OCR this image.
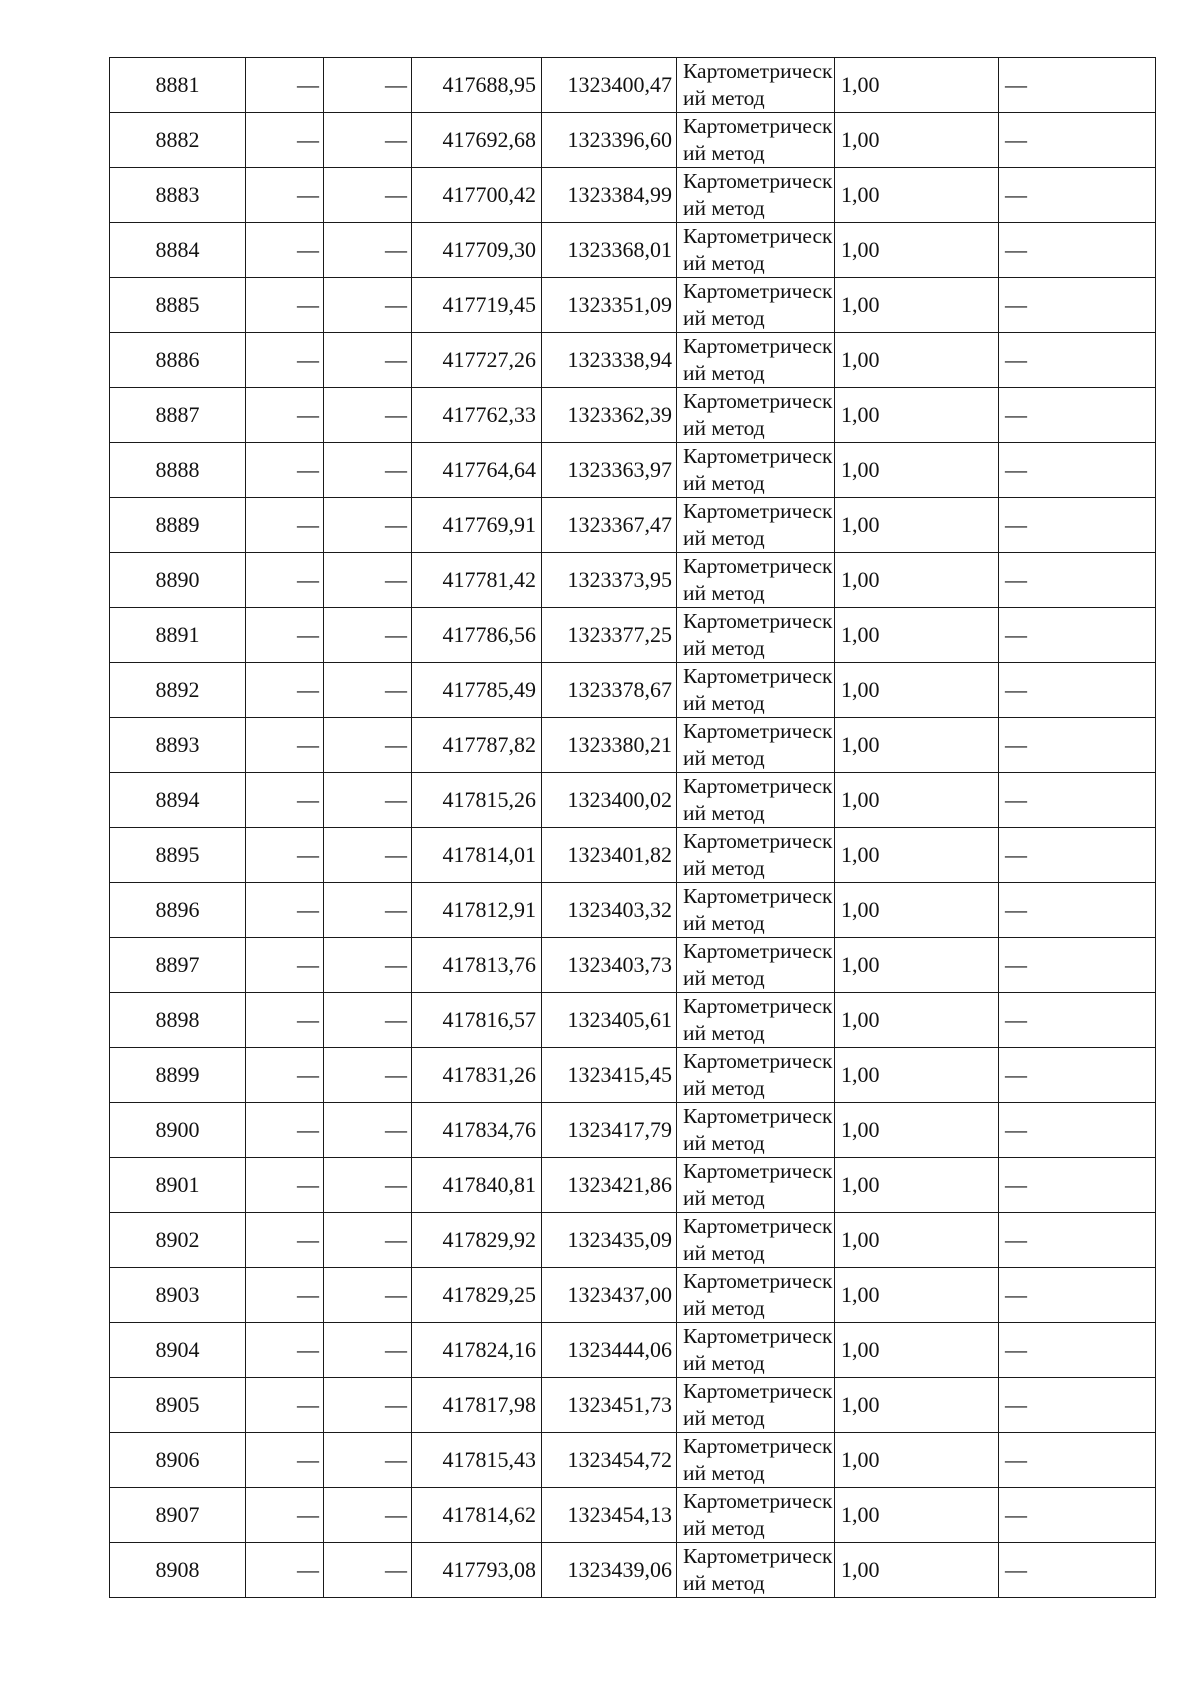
8881	—	—	417688,95	1323400,47	Картометрический метод	1,00	—
8882	—	—	417692,68	1323396,60	Картометрический метод	1,00	—
8883	—	—	417700,42	1323384,99	Картометрический метод	1,00	—
8884	—	—	417709,30	1323368,01	Картометрический метод	1,00	—
8885	—	—	417719,45	1323351,09	Картометрический метод	1,00	—
8886	—	—	417727,26	1323338,94	Картометрический метод	1,00	—
8887	—	—	417762,33	1323362,39	Картометрический метод	1,00	—
8888	—	—	417764,64	1323363,97	Картометрический метод	1,00	—
8889	—	—	417769,91	1323367,47	Картометрический метод	1,00	—
8890	—	—	417781,42	1323373,95	Картометрический метод	1,00	—
8891	—	—	417786,56	1323377,25	Картометрический метод	1,00	—
8892	—	—	417785,49	1323378,67	Картометрический метод	1,00	—
8893	—	—	417787,82	1323380,21	Картометрический метод	1,00	—
8894	—	—	417815,26	1323400,02	Картометрический метод	1,00	—
8895	—	—	417814,01	1323401,82	Картометрический метод	1,00	—
8896	—	—	417812,91	1323403,32	Картометрический метод	1,00	—
8897	—	—	417813,76	1323403,73	Картометрический метод	1,00	—
8898	—	—	417816,57	1323405,61	Картометрический метод	1,00	—
8899	—	—	417831,26	1323415,45	Картометрический метод	1,00	—
8900	—	—	417834,76	1323417,79	Картометрический метод	1,00	—
8901	—	—	417840,81	1323421,86	Картометрический метод	1,00	—
8902	—	—	417829,92	1323435,09	Картометрический метод	1,00	—
8903	—	—	417829,25	1323437,00	Картометрический метод	1,00	—
8904	—	—	417824,16	1323444,06	Картометрический метод	1,00	—
8905	—	—	417817,98	1323451,73	Картометрический метод	1,00	—
8906	—	—	417815,43	1323454,72	Картометрический метод	1,00	—
8907	—	—	417814,62	1323454,13	Картометрический метод	1,00	—
8908	—	—	417793,08	1323439,06	Картометрический метод	1,00	—
